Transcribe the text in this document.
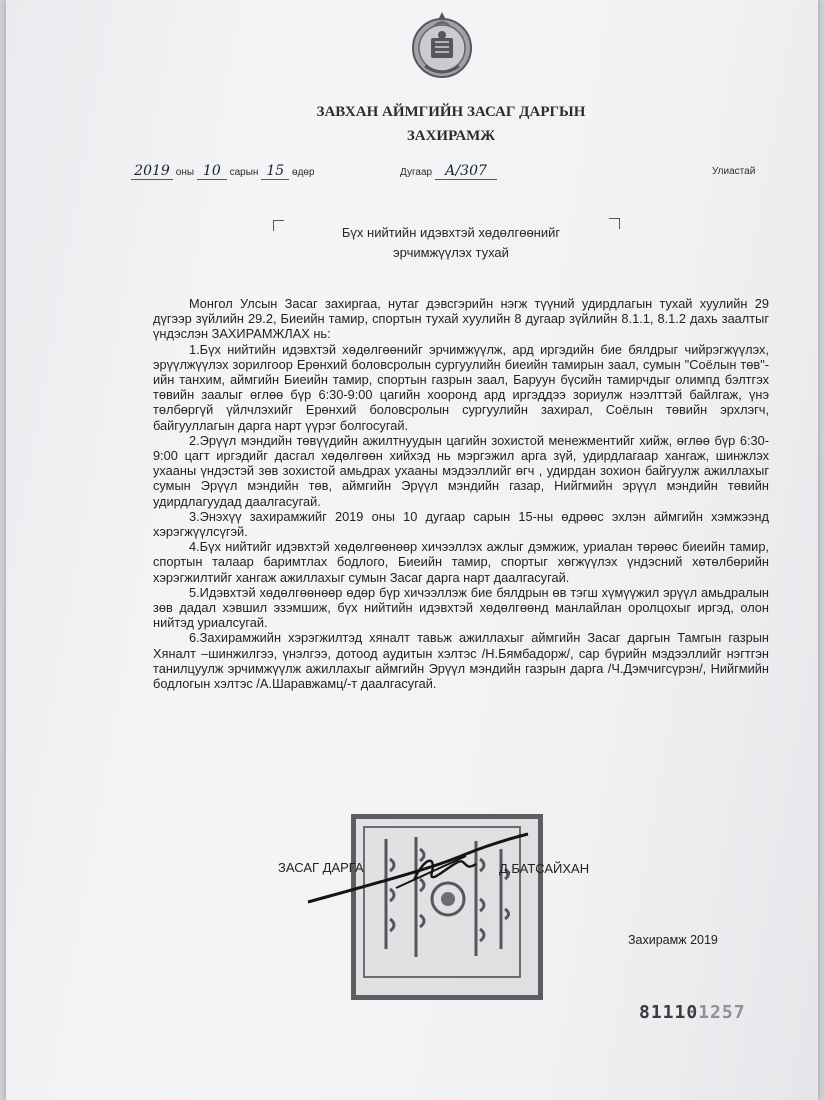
ЗАВХАН АЙМГИЙН ЗАСАГ ДАРГЫН
ЗАХИРАМЖ
2019 оны 10 сарын 15 өдөр	Дугаар А/307	Улиастай
Бүх нийтийн идэвхтэй хөдөлгөөнийг
эрчимжүүлэх тухай

Монгол Улсын Засаг захиргаа, нутаг дэвсгэрийн нэгж түүний удирдлагын тухай хуулийн 29 дүгээр зүйлийн 29.2, Биеийн тамир, спортын тухай хуулийн 8 дугаар зүйлийн 8.1.1, 8.1.2 дахь заалтыг үндэслэн ЗАХИРАМЖЛАХ нь:

1.Бүх нийтийн идэвхтэй хөдөлгөөнийг эрчимжүүлж, ард иргэдийн бие бялдрыг чийрэгжүүлэх, эрүүлжүүлэх зорилгоор Ерөнхий боловсролын сургуулийн биеийн тамирын заал, сумын "Соёлын төв"-ийн танхим, аймгийн Биеийн тамир, спортын газрын заал, Баруун бүсийн тамирчдыг олимпд бэлтгэх төвийн заалыг өглөө бүр 6:30-9:00 цагийн хооронд ард иргэддээ зориулж нээлттэй байлгаж, үнэ төлбөргүй үйлчлэхийг Ерөнхий боловсролын сургуулийн захирал, Соёлын төвийн эрхлэгч, байгууллагын дарга нарт үүрэг болгосугай.

2.Эрүүл мэндийн төвүүдийн ажилтнуудын цагийн зохистой менежментийг хийж, өглөө бүр 6:30-9:00 цагт иргэдийг дасгал хөдөлгөөн хийхэд нь мэргэжил арга зүй, удирдлагаар хангаж, шинжлэх ухааны үндэстэй зөв зохистой амьдрах ухааны мэдээллийг өгч , удирдан зохион байгуулж ажиллахыг сумын Эрүүл мэндийн төв, аймгийн Эрүүл мэндийн газар, Нийгмийн эрүүл мэндийн төвийн удирдлагуудад даалгасугай.

3.Энэхүү захирамжийг 2019 оны 10 дугаар сарын 15-ны өдрөөс эхлэн аймгийн хэмжээнд хэрэгжүүлсүгэй.

4.Бүх нийтийг идэвхтэй хөдөлгөөнөөр хичээллэх ажлыг дэмжиж, уриалан төрөөс биеийн тамир, спортын талаар баримтлах бодлого, Биеийн тамир, спортыг хөгжүүлэх үндэсний хөтөлбөрийн хэрэгжилтийг хангаж ажиллахыг сумын Засаг дарга нарт даалгасугай.

5.Идэвхтэй хөдөлгөөнөөр өдөр бүр хичээллэж бие бялдрын өв тэгш хүмүүжил эрүүл амьдралын зөв дадал хэвшил эзэмшиж, бүх нийтийн идэвхтэй хөдөлгөөнд манлайлан оролцохыг иргэд, олон нийтэд уриалсугай.

6.Захирамжийн хэрэгжилтэд хяналт тавьж ажиллахыг аймгийн Засаг даргын Тамгын газрын Хяналт –шинжилгээ, үнэлгээ, дотоод аудитын хэлтэс /Н.Бямбадорж/, сар бүрийн мэдээллийг нэгтгэн танилцуулж эрчимжүүлж ажиллахыг аймгийн Эрүүл мэндийн газрын дарга /Ч.Дэмчигсүрэн/, Нийгмийн бодлогын хэлтэс /А.Шаравжамц/-т даалгасугай.

ЗАСАГ ДАРГА	Д.БАТСАЙХАН
Захирамж 2019
811101257
